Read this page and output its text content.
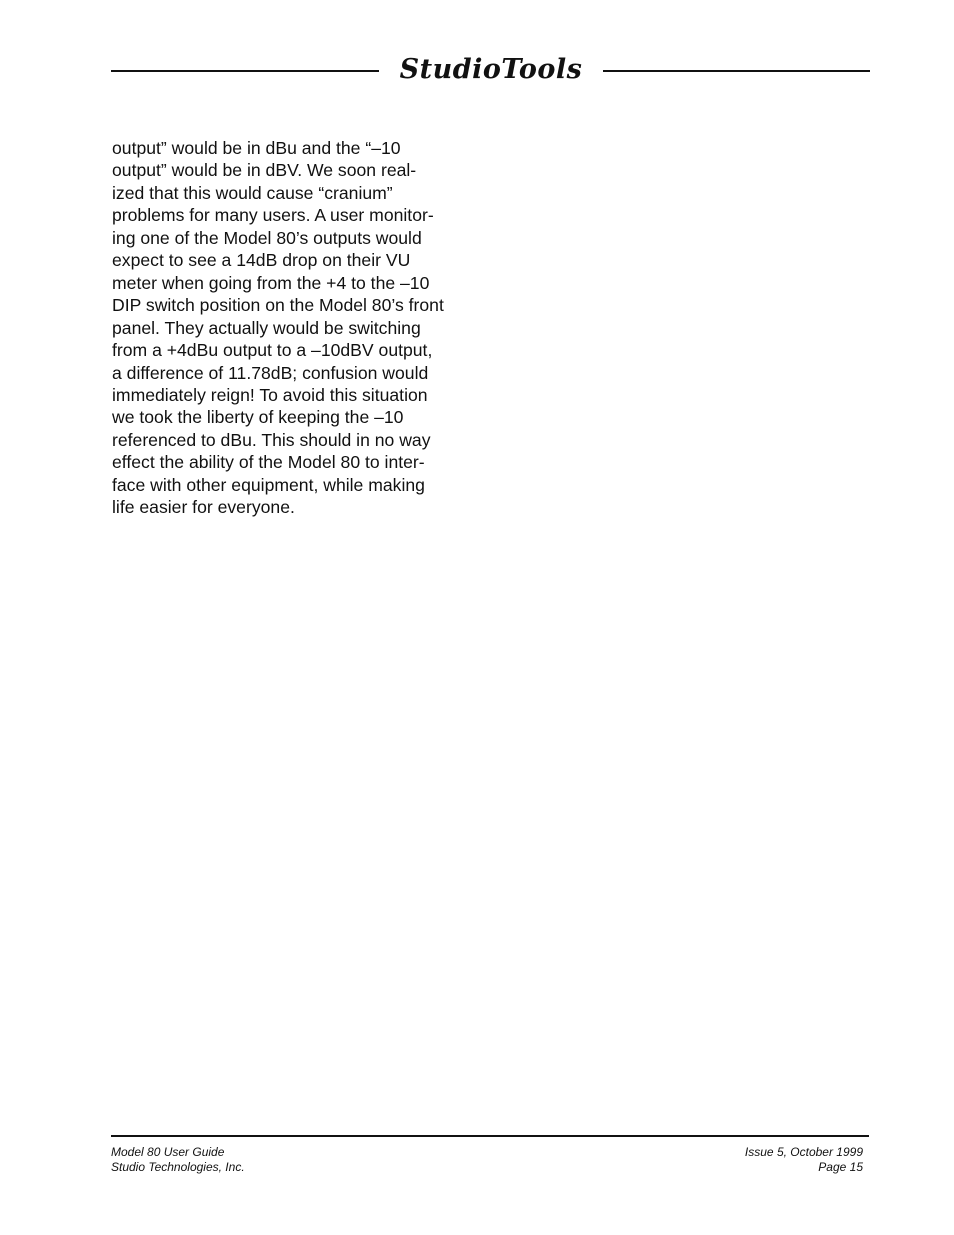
StudioTools

output” would be in dBu and the “–10
output” would be in dBV. We soon real-
ized that this would cause “cranium”
problems for many users. A user monitor-
ing one of the Model 80’s outputs would
expect to see a 14dB drop on their VU
meter when going from the +4 to the –10
DIP switch position on the Model 80’s front
panel. They actually would be switching
from a +4dBu output to a –10dBV output,
a difference of 11.78dB; confusion would
immediately reign! To avoid this situation
we took the liberty of keeping the –10
referenced to dBu. This should in no way
effect the ability of the Model 80 to inter-
face with other equipment, while making
life easier for everyone.

Model 80 User Guide
Studio Technologies, Inc.
Issue 5, October 1999
Page 15
